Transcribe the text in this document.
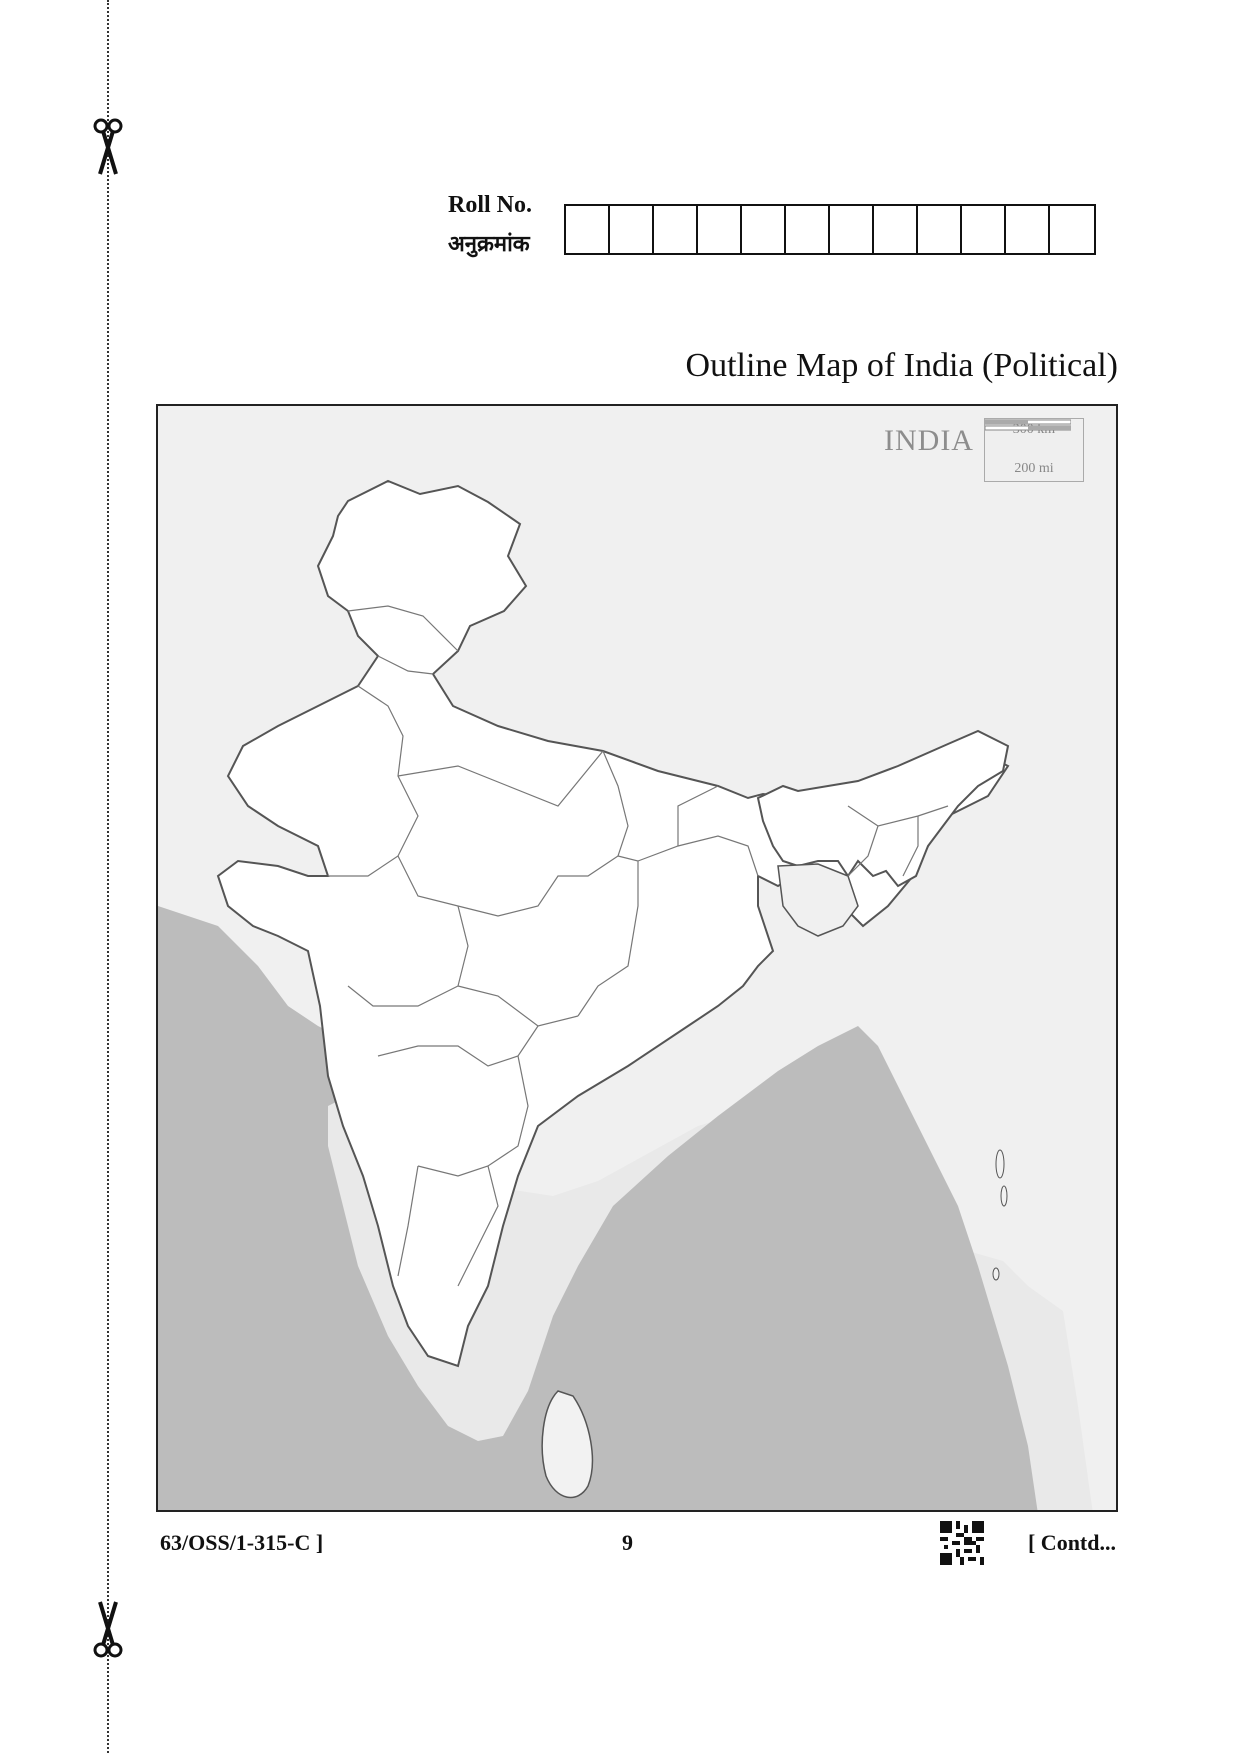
Roll No.
अनुक्रमांक
Outline Map of India (Political)
INDIA
200 mi
63/OSS/1-315-C ]	9	[ Contd...
